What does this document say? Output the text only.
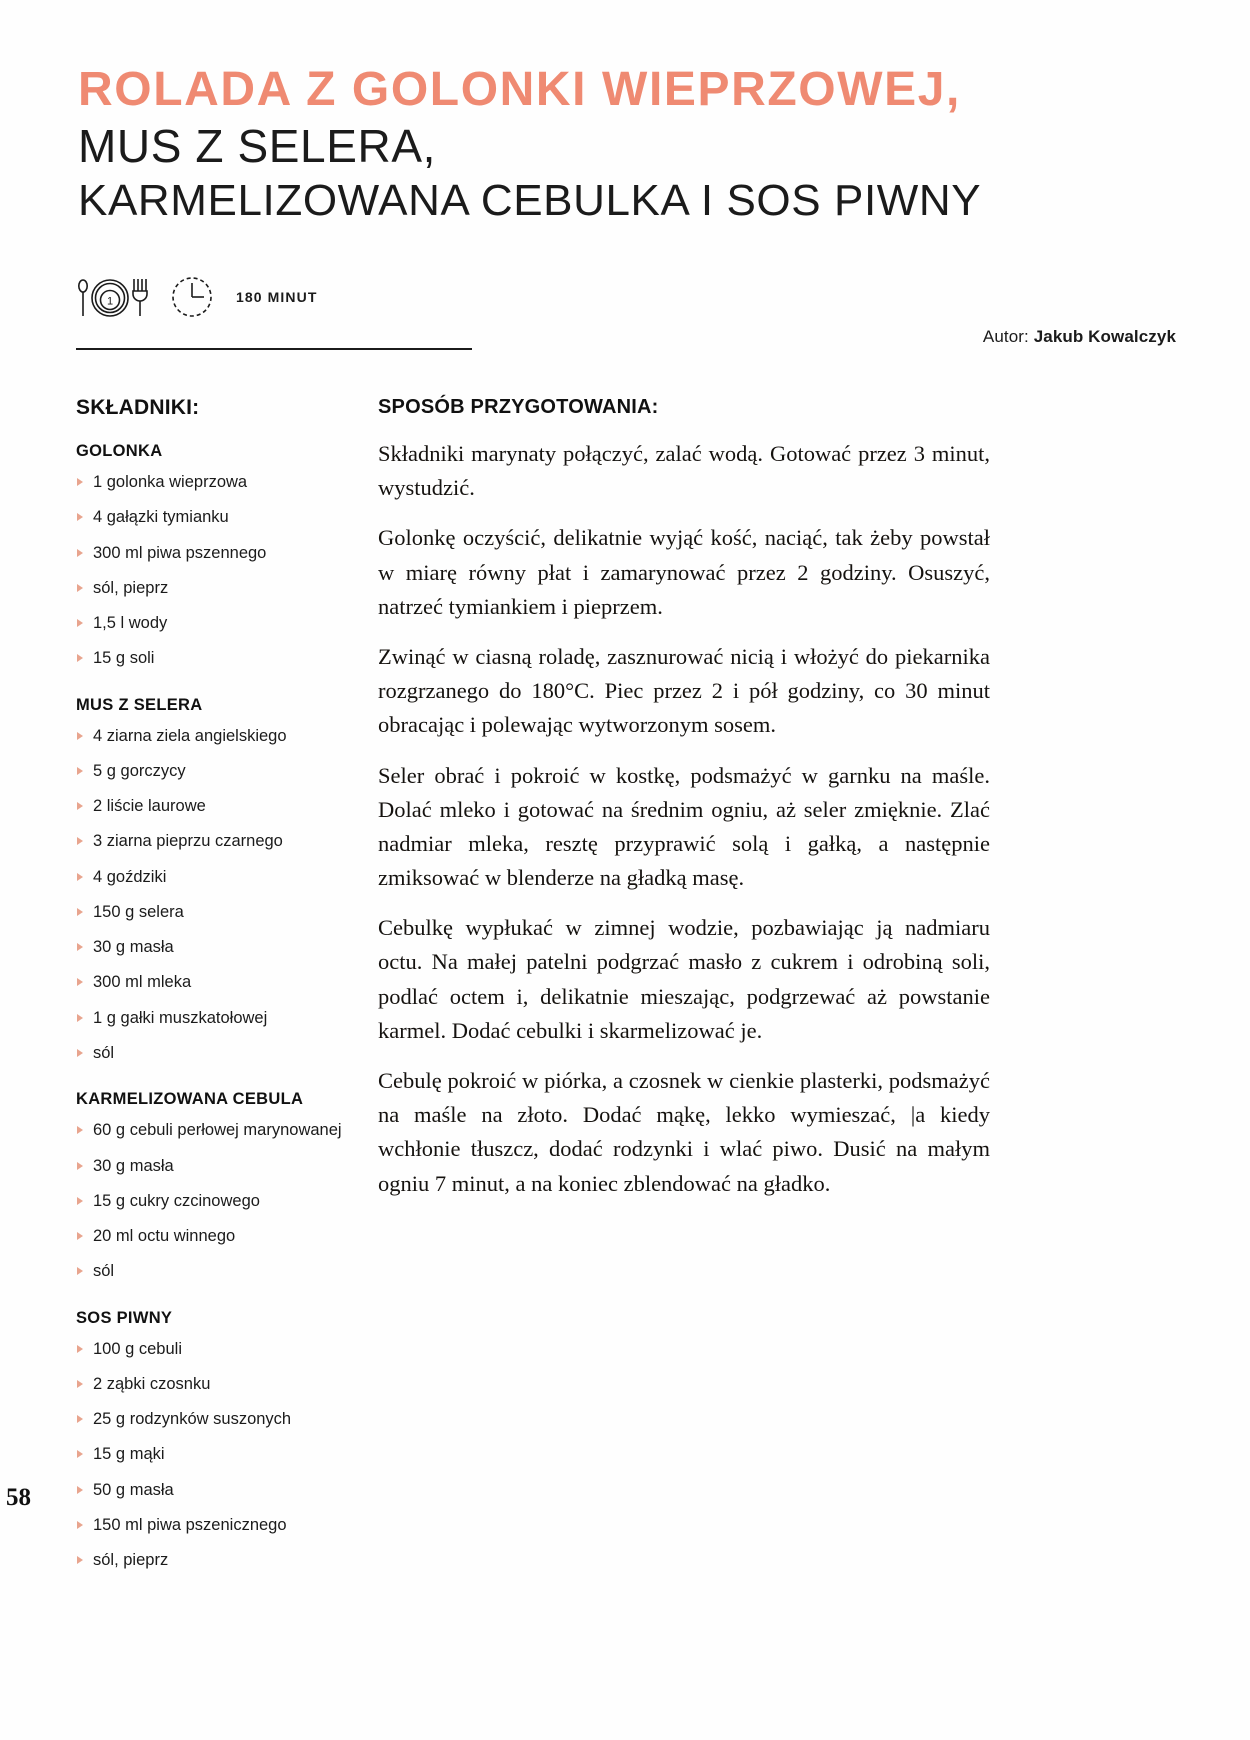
ROLADA Z GOLONKI WIEPRZOWEJ, MUS Z SELERA,
KARMELIZOWANA CEBULKA I SOS PIWNY
1	180 MINUT
Autor: Jakub Kowalczyk
SKŁADNIKI:
GOLONKA
1 golonka wieprzowa
4 gałązki tymianku
300 ml piwa pszennego
sól, pieprz
1,5 l wody
15 g soli
MUS Z SELERA
4 ziarna ziela angielskiego
5 g gorczycy
2 liście laurowe
3 ziarna pieprzu czarnego
4 goździki
150 g selera
30 g masła
300 ml mleka
1 g gałki muszkatołowej
sól
KARMELIZOWANA CEBULA
60 g cebuli perłowej marynowanej
30 g masła
15 g cukry czcinowego
20 ml octu winnego
sól
SOS PIWNY
100 g cebuli
2 ząbki czosnku
25 g rodzynków suszonych
15 g mąki
50 g masła
150 ml piwa pszenicznego
sól, pieprz
SPOSÓB PRZYGOTOWANIA:

Składniki marynaty połączyć, zalać wodą. Gotować przez 3 minut, wystudzić.

Golonkę oczyścić, delikatnie wyjąć kość, naciąć, tak żeby powstał w miarę równy płat i zamarynować przez 2 godziny. Osuszyć, natrzeć tymiankiem i pieprzem.

Zwinąć w ciasną roladę, zasznurować nicią i włożyć do piekarnika rozgrzanego do 180°C. Piec przez 2 i pół godziny, co 30 minut obracając i polewając wytworzonym sosem.

Seler obrać i pokroić w kostkę, podsmażyć w garnku na maśle. Dolać mleko i gotować na średnim ogniu, aż seler zmięknie. Zlać nadmiar mleka, resztę przyprawić solą i gałką, a następnie zmiksować w blenderze na gładką masę.

Cebulkę wypłukać w zimnej wodzie, pozbawiając ją nadmiaru octu. Na małej patelni podgrzać masło z cukrem i odrobiną soli, podlać octem i, delikatnie mieszając, podgrzewać aż powstanie karmel. Dodać cebulki i skarmelizować je.

Cebulę pokroić w piórka, a czosnek w cienkie plasterki, podsmażyć na maśle na złoto. Dodać mąkę, lekko wymieszać, |a kiedy wchłonie tłuszcz, dodać rodzynki i wlać piwo. Dusić na małym ogniu 7 minut, a na koniec zblendować na gładko.

58
